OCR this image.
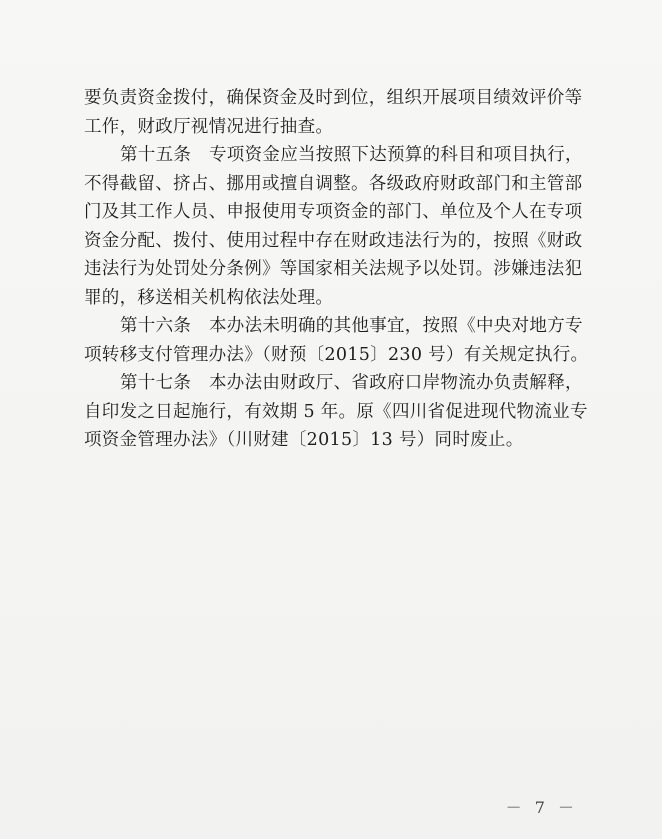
要负责资金拨付，确保资金及时到位，组织开展项目绩效评价等
工作，财政厅视情况进行抽查。
第十五条　专项资金应当按照下达预算的科目和项目执行，
不得截留、挤占、挪用或擅自调整。各级政府财政部门和主管部
门及其工作人员、申报使用专项资金的部门、单位及个人在专项
资金分配、拨付、使用过程中存在财政违法行为的，按照《财政
违法行为处罚处分条例》等国家相关法规予以处罚。涉嫌违法犯
罪的，移送相关机构依法处理。
第十六条　本办法未明确的其他事宜，按照《中央对地方专
项转移支付管理办法》（财预〔2015〕230 号）有关规定执行。
第十七条　本办法由财政厅、省政府口岸物流办负责解释，
自印发之日起施行，有效期 5 年。原《四川省促进现代物流业专
项资金管理办法》（川财建〔2015〕13 号）同时废止。
－ 7 －
